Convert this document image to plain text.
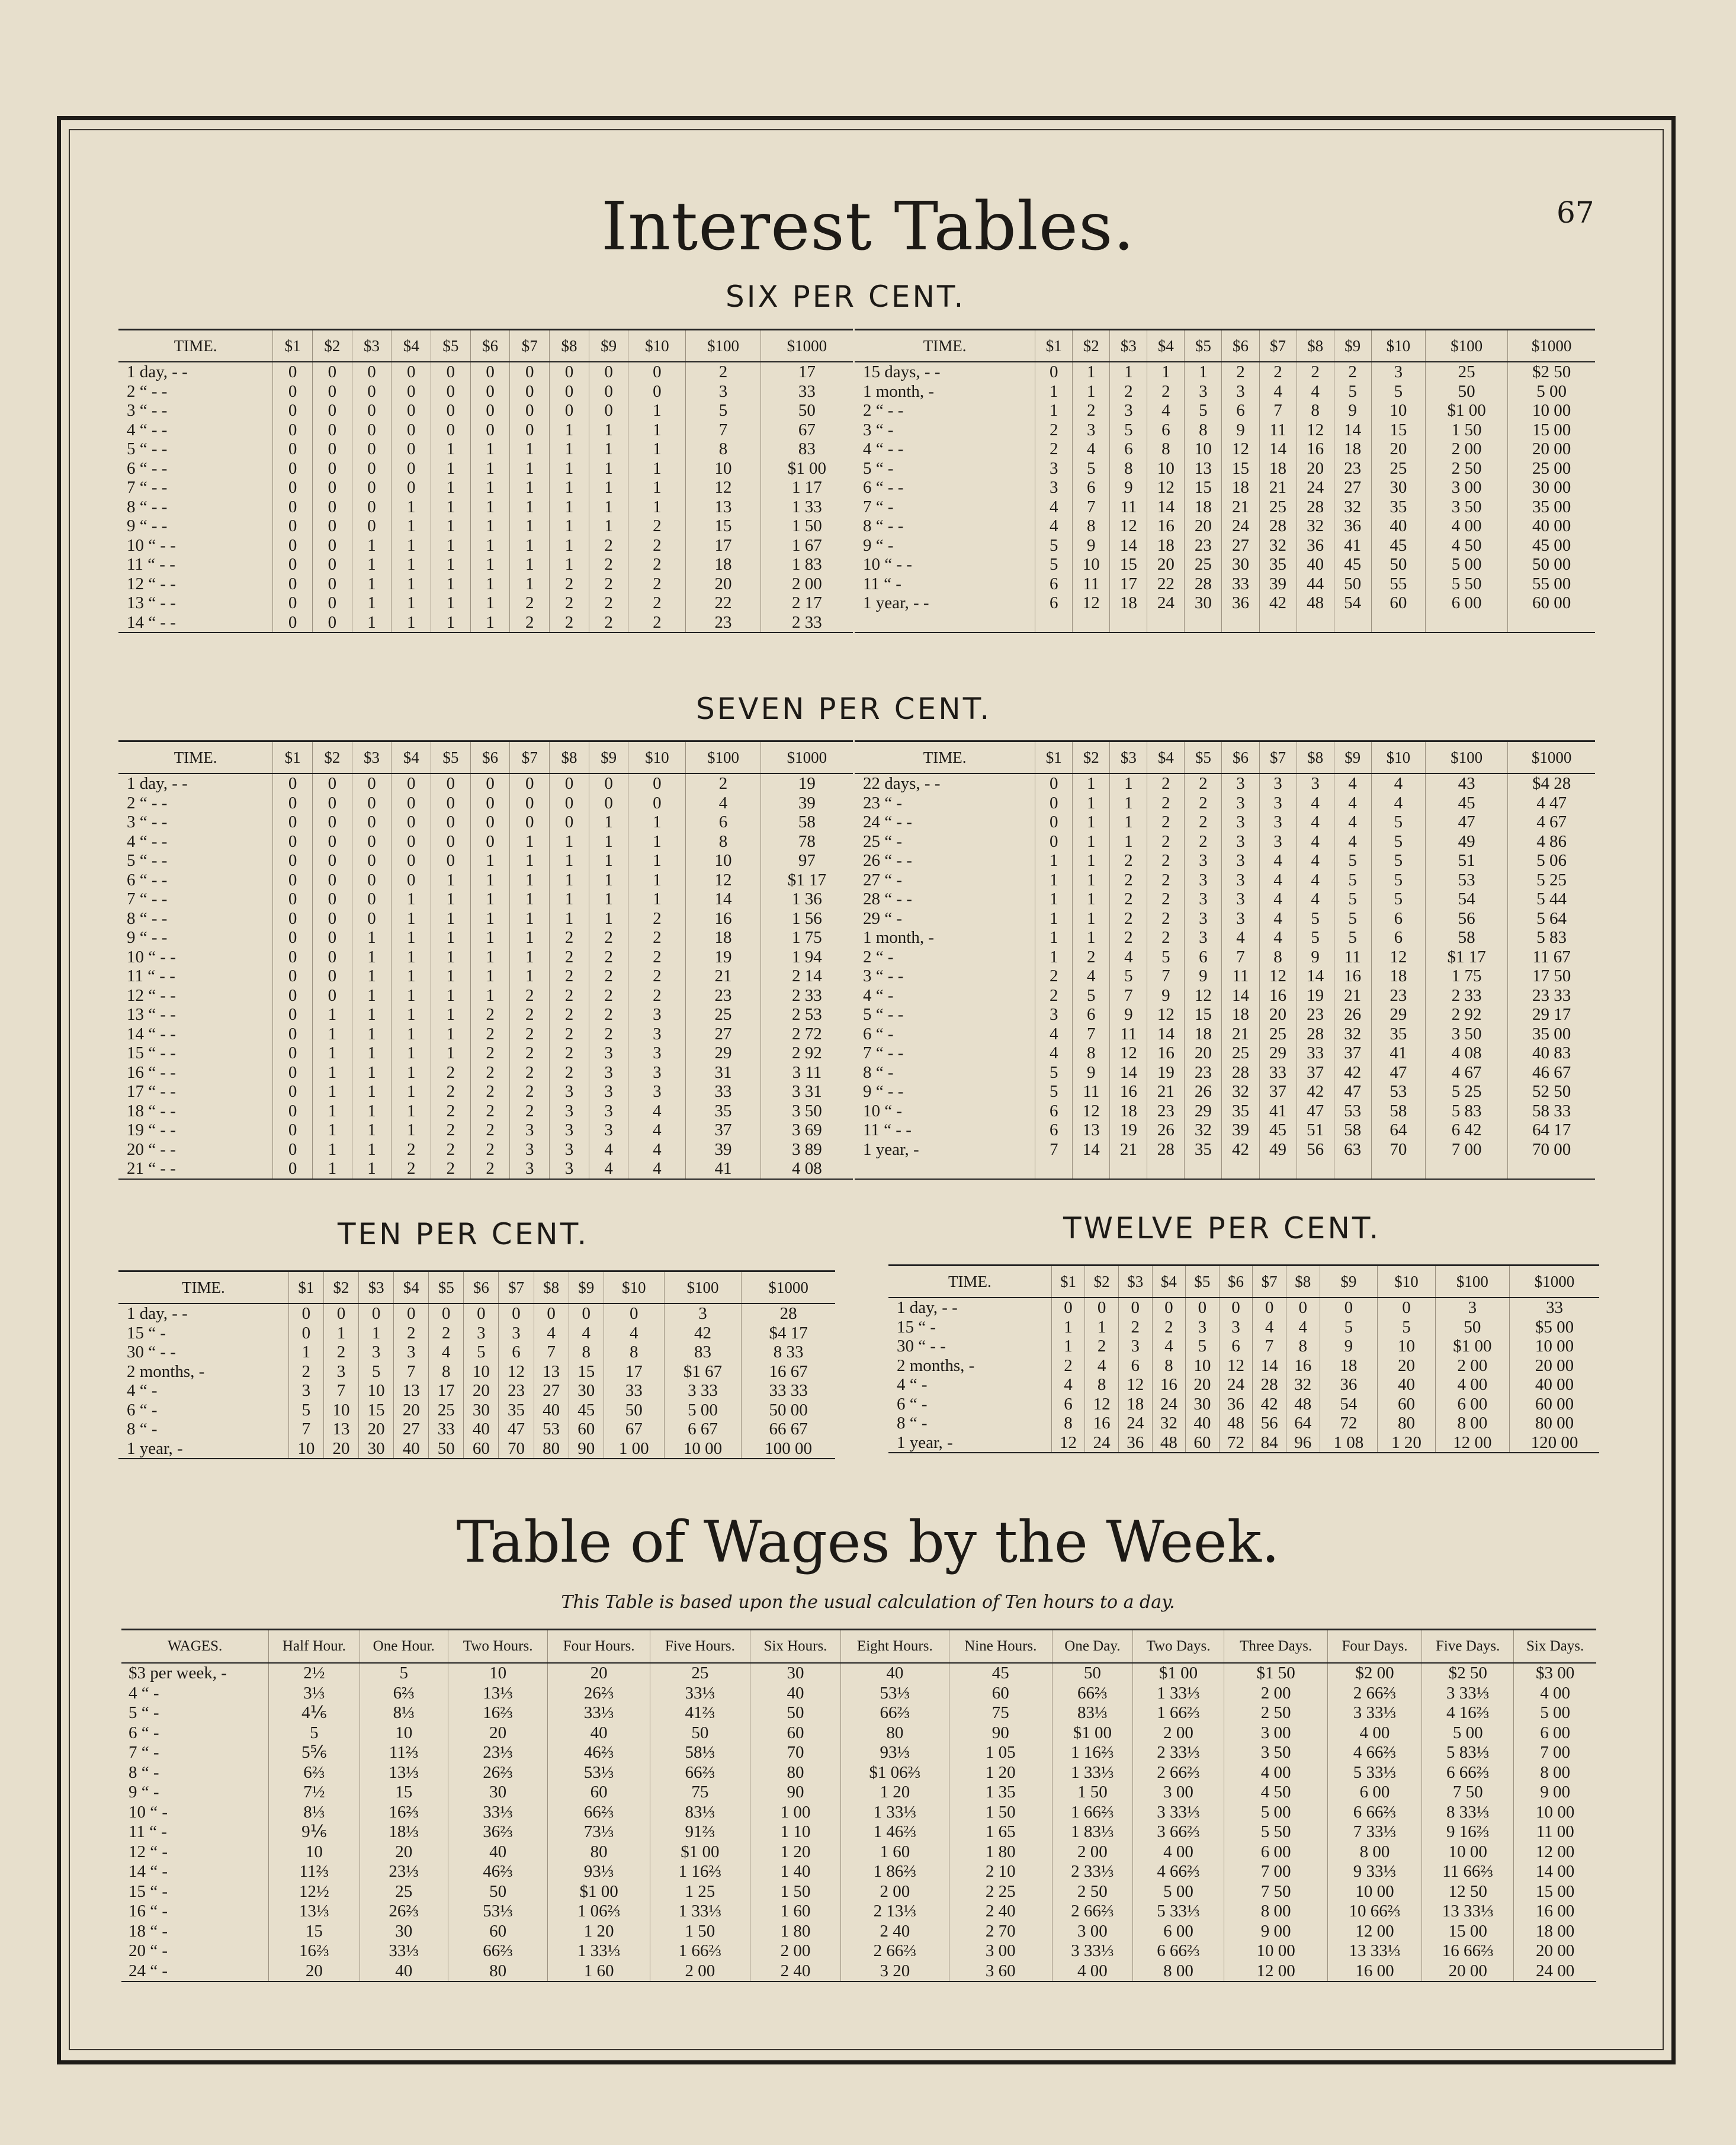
Interest Tables.	67
SIX PER CENT.
TIME.	$1	$2	$3	$4	$5	$6	$7	$8	$9	$10	$100	$1000
1 day, - -	0	0	0	0	0	0	0	0	0	0	2	17
2 “ - -	0	0	0	0	0	0	0	0	0	0	3	33
3 “ - -	0	0	0	0	0	0	0	0	0	1	5	50
4 “ - -	0	0	0	0	0	0	0	1	1	1	7	67
5 “ - -	0	0	0	0	1	1	1	1	1	1	8	83
6 “ - -	0	0	0	0	1	1	1	1	1	1	10	$1 00
7 “ - -	0	0	0	0	1	1	1	1	1	1	12	1 17
8 “ - -	0	0	0	1	1	1	1	1	1	1	13	1 33
9 “ - -	0	0	0	1	1	1	1	1	1	2	15	1 50
10 “ - -	0	0	1	1	1	1	1	1	2	2	17	1 67
11 “ - -	0	0	1	1	1	1	1	1	2	2	18	1 83
12 “ - -	0	0	1	1	1	1	1	2	2	2	20	2 00
13 “ - -	0	0	1	1	1	1	2	2	2	2	22	2 17
14 “ - -	0	0	1	1	1	1	2	2	2	2	23	2 33
TIME.	$1	$2	$3	$4	$5	$6	$7	$8	$9	$10	$100	$1000
15 days, - -	0	1	1	1	1	2	2	2	2	3	25	$2 50
1 month, -	1	1	2	2	3	3	4	4	5	5	50	5 00
2 “ - -	1	2	3	4	5	6	7	8	9	10	$1 00	10 00
3 “ -	2	3	5	6	8	9	11	12	14	15	1 50	15 00
4 “ - -	2	4	6	8	10	12	14	16	18	20	2 00	20 00
5 “ -	3	5	8	10	13	15	18	20	23	25	2 50	25 00
6 “ - -	3	6	9	12	15	18	21	24	27	30	3 00	30 00
7 “ -	4	7	11	14	18	21	25	28	32	35	3 50	35 00
8 “ - -	4	8	12	16	20	24	28	32	36	40	4 00	40 00
9 “ -	5	9	14	18	23	27	32	36	41	45	4 50	45 00
10 “ - -	5	10	15	20	25	30	35	40	45	50	5 00	50 00
11 “ -	6	11	17	22	28	33	39	44	50	55	5 50	55 00
1 year, - -	6	12	18	24	30	36	42	48	54	60	6 00	60 00

SEVEN PER CENT.
TIME.	$1	$2	$3	$4	$5	$6	$7	$8	$9	$10	$100	$1000
1 day, - -	0	0	0	0	0	0	0	0	0	0	2	19
2 “ - -	0	0	0	0	0	0	0	0	0	0	4	39
3 “ - -	0	0	0	0	0	0	0	0	1	1	6	58
4 “ - -	0	0	0	0	0	0	1	1	1	1	8	78
5 “ - -	0	0	0	0	0	1	1	1	1	1	10	97
6 “ - -	0	0	0	0	1	1	1	1	1	1	12	$1 17
7 “ - -	0	0	0	1	1	1	1	1	1	1	14	1 36
8 “ - -	0	0	0	1	1	1	1	1	1	2	16	1 56
9 “ - -	0	0	1	1	1	1	1	2	2	2	18	1 75
10 “ - -	0	0	1	1	1	1	1	2	2	2	19	1 94
11 “ - -	0	0	1	1	1	1	1	2	2	2	21	2 14
12 “ - -	0	0	1	1	1	1	2	2	2	2	23	2 33
13 “ - -	0	1	1	1	1	2	2	2	2	3	25	2 53
14 “ - -	0	1	1	1	1	2	2	2	2	3	27	2 72
15 “ - -	0	1	1	1	1	2	2	2	3	3	29	2 92
16 “ - -	0	1	1	1	2	2	2	2	3	3	31	3 11
17 “ - -	0	1	1	1	2	2	2	3	3	3	33	3 31
18 “ - -	0	1	1	1	2	2	2	3	3	4	35	3 50
19 “ - -	0	1	1	1	2	2	3	3	3	4	37	3 69
20 “ - -	0	1	1	2	2	2	3	3	4	4	39	3 89
21 “ - -	0	1	1	2	2	2	3	3	4	4	41	4 08
TIME.	$1	$2	$3	$4	$5	$6	$7	$8	$9	$10	$100	$1000
22 days, - -	0	1	1	2	2	3	3	3	4	4	43	$4 28
23 “ -	0	1	1	2	2	3	3	4	4	4	45	4 47
24 “ - -	0	1	1	2	2	3	3	4	4	5	47	4 67
25 “ -	0	1	1	2	2	3	3	4	4	5	49	4 86
26 “ - -	1	1	2	2	3	3	4	4	5	5	51	5 06
27 “ -	1	1	2	2	3	3	4	4	5	5	53	5 25
28 “ - -	1	1	2	2	3	3	4	4	5	5	54	5 44
29 “ -	1	1	2	2	3	3	4	5	5	6	56	5 64
1 month, -	1	1	2	2	3	4	4	5	5	6	58	5 83
2 “ -	1	2	4	5	6	7	8	9	11	12	$1 17	11 67
3 “ - -	2	4	5	7	9	11	12	14	16	18	1 75	17 50
4 “ -	2	5	7	9	12	14	16	19	21	23	2 33	23 33
5 “ - -	3	6	9	12	15	18	20	23	26	29	2 92	29 17
6 “ -	4	7	11	14	18	21	25	28	32	35	3 50	35 00
7 “ - -	4	8	12	16	20	25	29	33	37	41	4 08	40 83
8 “ -	5	9	14	19	23	28	33	37	42	47	4 67	46 67
9 “ - -	5	11	16	21	26	32	37	42	47	53	5 25	52 50
10 “ -	6	12	18	23	29	35	41	47	53	58	5 83	58 33
11 “ - -	6	13	19	26	32	39	45	51	58	64	6 42	64 17
1 year, -	7	14	21	28	35	42	49	56	63	70	7 00	70 00

TEN PER CENT.
TIME.	$1	$2	$3	$4	$5	$6	$7	$8	$9	$10	$100	$1000
1 day, - -	0	0	0	0	0	0	0	0	0	0	3	28
15 “ -	0	1	1	2	2	3	3	4	4	4	42	$4 17
30 “ - -	1	2	3	3	4	5	6	7	8	8	83	8 33
2 months, -	2	3	5	7	8	10	12	13	15	17	$1 67	16 67
4 “ -	3	7	10	13	17	20	23	27	30	33	3 33	33 33
6 “ -	5	10	15	20	25	30	35	40	45	50	5 00	50 00
8 “ -	7	13	20	27	33	40	47	53	60	67	6 67	66 67
1 year, -	10	20	30	40	50	60	70	80	90	1 00	10 00	100 00
TWELVE PER CENT.
TIME.	$1	$2	$3	$4	$5	$6	$7	$8	$9	$10	$100	$1000
1 day, - -	0	0	0	0	0	0	0	0	0	0	3	33
15 “ -	1	1	2	2	3	3	4	4	5	5	50	$5 00
30 “ - -	1	2	3	4	5	6	7	8	9	10	$1 00	10 00
2 months, -	2	4	6	8	10	12	14	16	18	20	2 00	20 00
4 “ -	4	8	12	16	20	24	28	32	36	40	4 00	40 00
6 “ -	6	12	18	24	30	36	42	48	54	60	6 00	60 00
8 “ -	8	16	24	32	40	48	56	64	72	80	8 00	80 00
1 year, -	12	24	36	48	60	72	84	96	1 08	1 20	12 00	120 00
Table of Wages by the Week.
This Table is based upon the usual calculation of Ten hours to a day.
WAGES.	Half Hour.	One Hour.	Two Hours.	Four Hours.	Five Hours.	Six Hours.	Eight Hours.	Nine Hours.	One Day.	Two Days.	Three Days.	Four Days.	Five Days.	Six Days.
$3 per week, -	2½	5	10	20	25	30	40	45	50	$1 00	$1 50	$2 00	$2 50	$3 00
4 “ -	3⅓	6⅔	13⅓	26⅔	33⅓	40	53⅓	60	66⅔	1 33⅓	2 00	2 66⅔	3 33⅓	4 00
5 “ -	4⅙	8⅓	16⅔	33⅓	41⅔	50	66⅔	75	83⅓	1 66⅔	2 50	3 33⅓	4 16⅔	5 00
6 “ -	5	10	20	40	50	60	80	90	$1 00	2 00	3 00	4 00	5 00	6 00
7 “ -	5⅚	11⅔	23⅓	46⅔	58⅓	70	93⅓	1 05	1 16⅔	2 33⅓	3 50	4 66⅔	5 83⅓	7 00
8 “ -	6⅔	13⅓	26⅔	53⅓	66⅔	80	$1 06⅔	1 20	1 33⅓	2 66⅔	4 00	5 33⅓	6 66⅔	8 00
9 “ -	7½	15	30	60	75	90	1 20	1 35	1 50	3 00	4 50	6 00	7 50	9 00
10 “ -	8⅓	16⅔	33⅓	66⅔	83⅓	1 00	1 33⅓	1 50	1 66⅔	3 33⅓	5 00	6 66⅔	8 33⅓	10 00
11 “ -	9⅙	18⅓	36⅔	73⅓	91⅔	1 10	1 46⅔	1 65	1 83⅓	3 66⅔	5 50	7 33⅓	9 16⅔	11 00
12 “ -	10	20	40	80	$1 00	1 20	1 60	1 80	2 00	4 00	6 00	8 00	10 00	12 00
14 “ -	11⅔	23⅓	46⅔	93⅓	1 16⅔	1 40	1 86⅔	2 10	2 33⅓	4 66⅔	7 00	9 33⅓	11 66⅔	14 00
15 “ -	12½	25	50	$1 00	1 25	1 50	2 00	2 25	2 50	5 00	7 50	10 00	12 50	15 00
16 “ -	13⅓	26⅔	53⅓	1 06⅔	1 33⅓	1 60	2 13⅓	2 40	2 66⅔	5 33⅓	8 00	10 66⅔	13 33⅓	16 00
18 “ -	15	30	60	1 20	1 50	1 80	2 40	2 70	3 00	6 00	9 00	12 00	15 00	18 00
20 “ -	16⅔	33⅓	66⅔	1 33⅓	1 66⅔	2 00	2 66⅔	3 00	3 33⅓	6 66⅔	10 00	13 33⅓	16 66⅔	20 00
24 “ -	20	40	80	1 60	2 00	2 40	3 20	3 60	4 00	8 00	12 00	16 00	20 00	24 00
